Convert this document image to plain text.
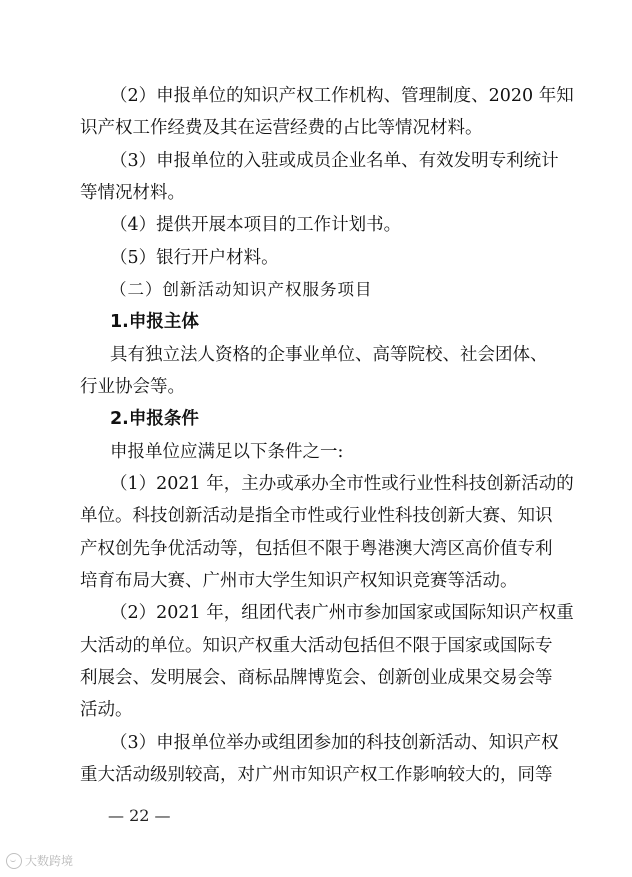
（2）申报单位的知识产权工作机构、管理制度、2020 年知
识产权工作经费及其在运营经费的占比等情况材料。
（3）申报单位的入驻或成员企业名单、有效发明专利统计
等情况材料。
（4）提供开展本项目的工作计划书。
（5）银行开户材料。
（二）创新活动知识产权服务项目
1.申报主体
具有独立法人资格的企事业单位、高等院校、社会团体、
行业协会等。
2.申报条件
申报单位应满足以下条件之一:
（1）2021 年，主办或承办全市性或行业性科技创新活动的
单位。科技创新活动是指全市性或行业性科技创新大赛、知识
产权创先争优活动等，包括但不限于粤港澳大湾区高价值专利
培育布局大赛、广州市大学生知识产权知识竞赛等活动。
（2）2021 年，组团代表广州市参加国家或国际知识产权重
大活动的单位。知识产权重大活动包括但不限于国家或国际专
利展会、发明展会、商标品牌博览会、创新创业成果交易会等
活动。
（3）申报单位举办或组团参加的科技创新活动、知识产权
重大活动级别较高，对广州市知识产权工作影响较大的，同等
— 22 —
大数跨境
